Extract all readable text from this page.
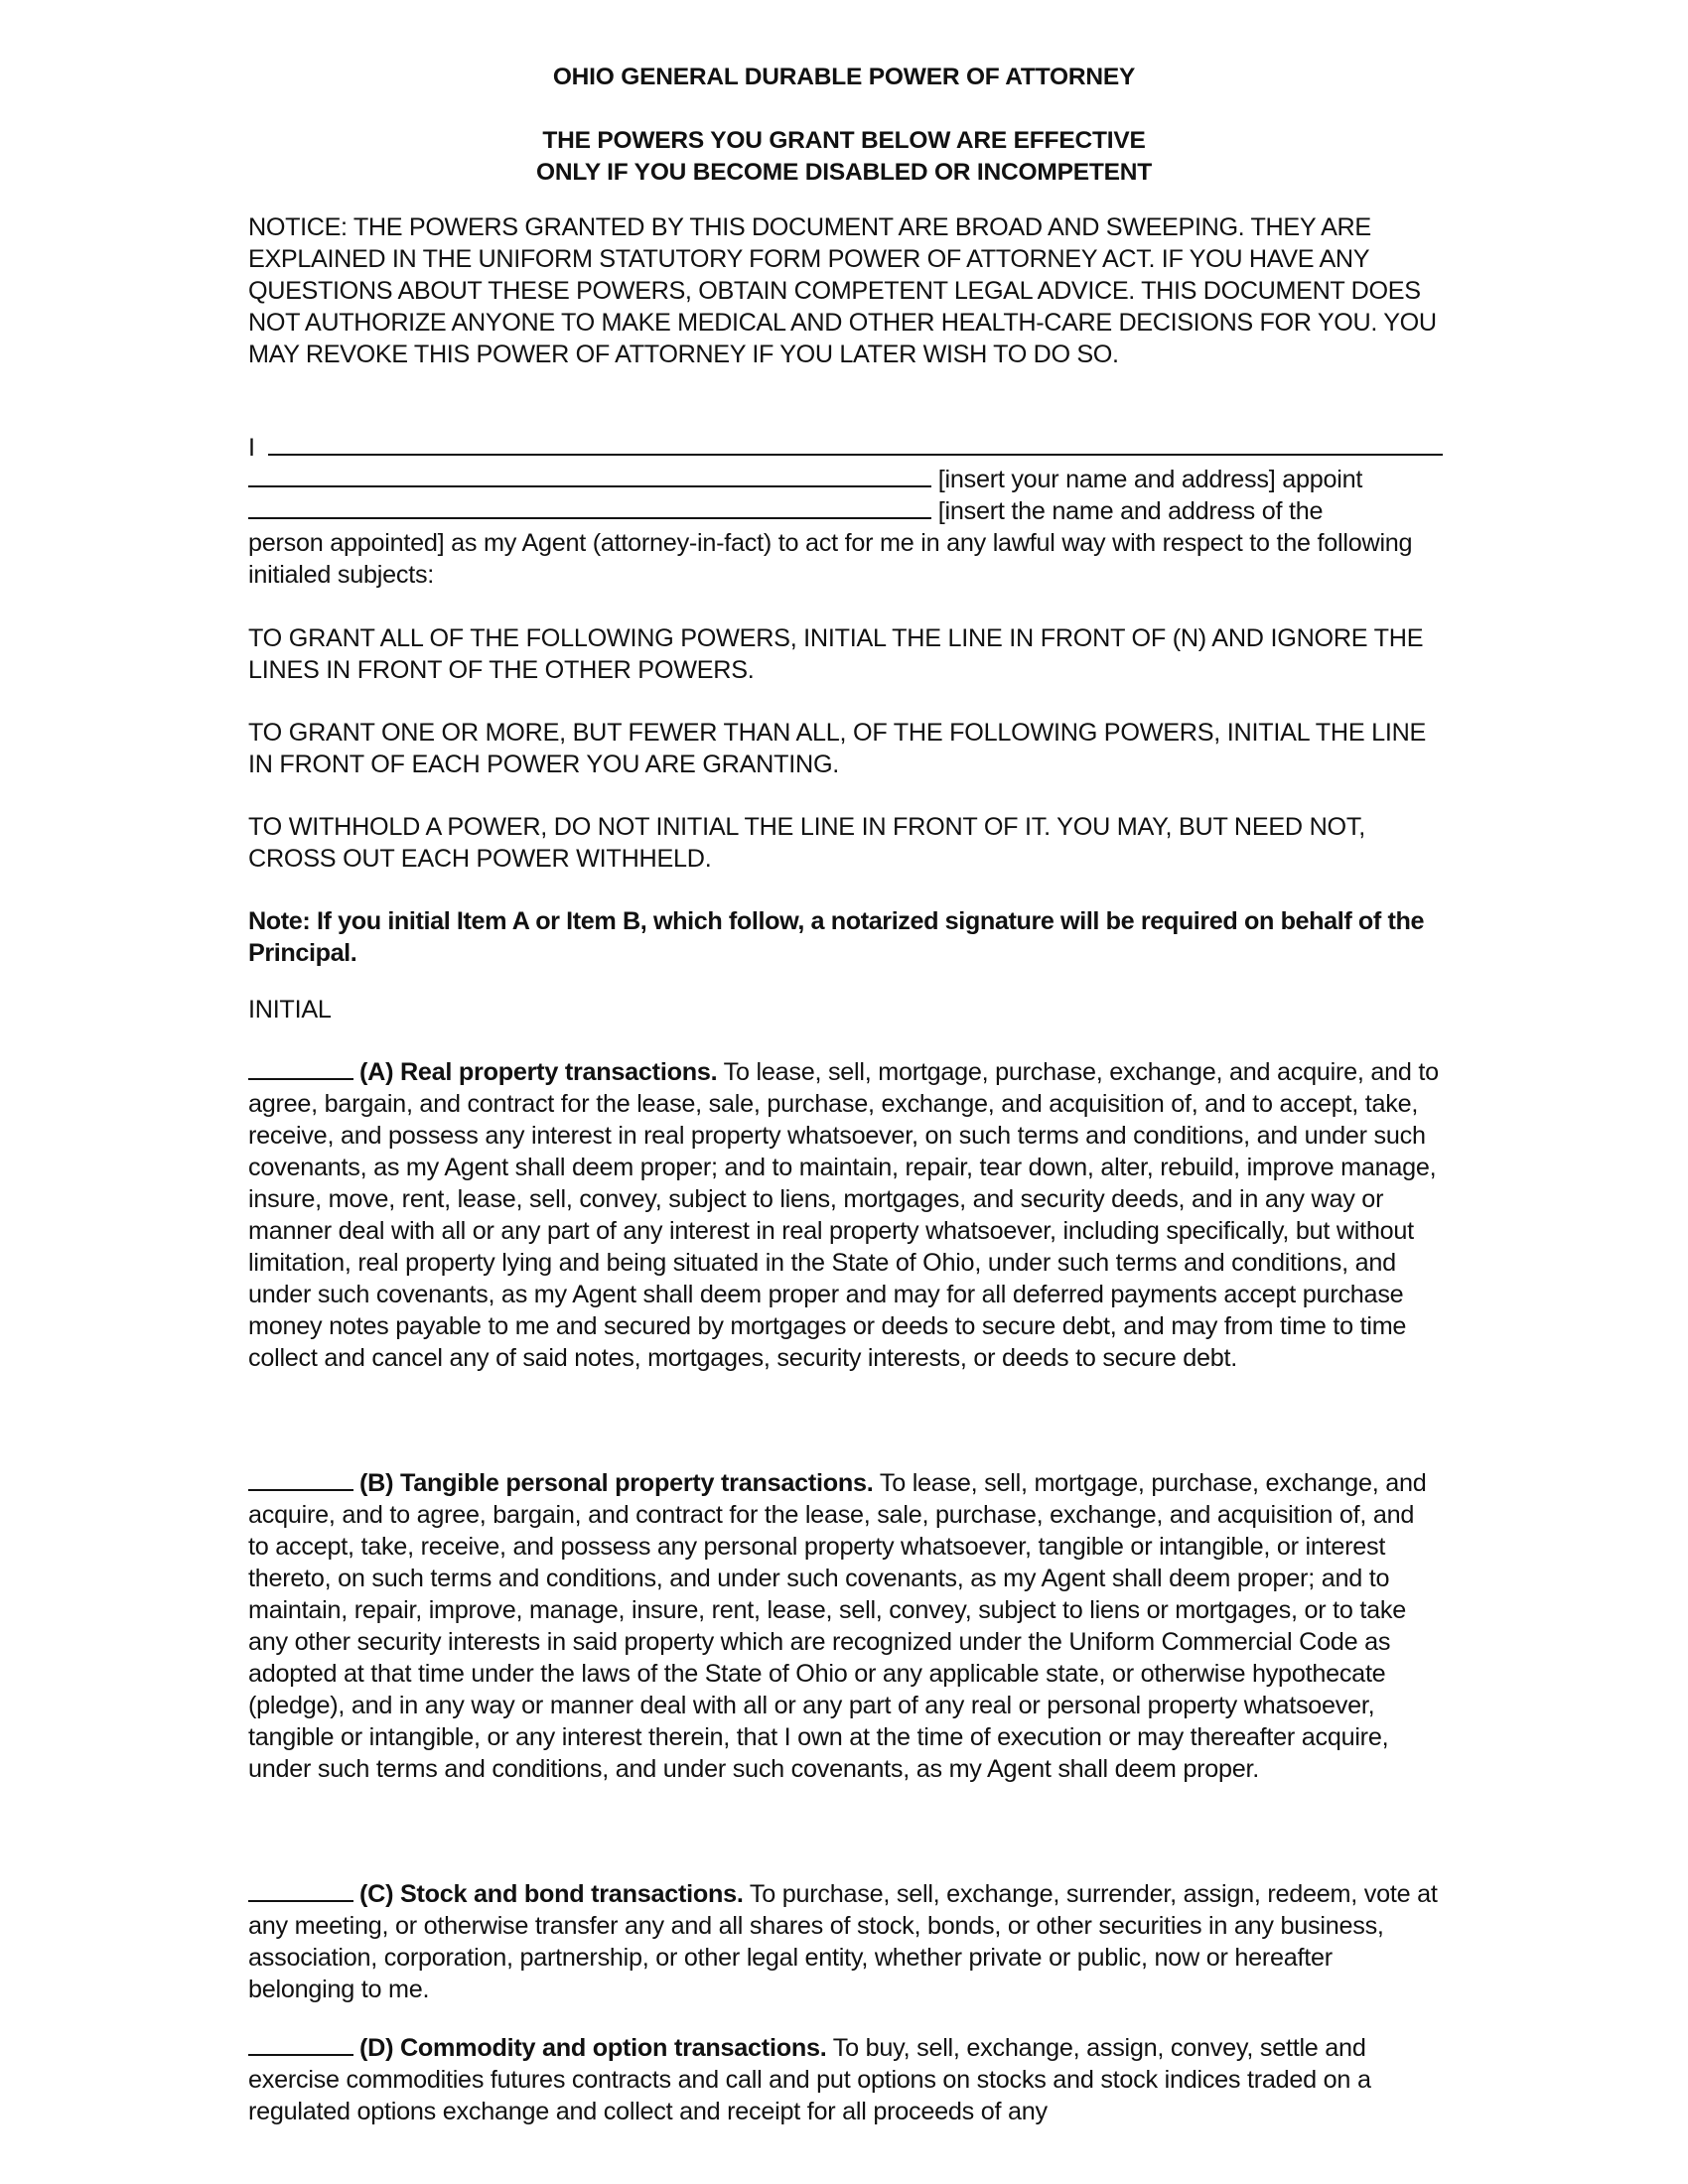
OHIO GENERAL DURABLE POWER OF ATTORNEY
THE POWERS YOU GRANT BELOW ARE EFFECTIVE
ONLY IF YOU BECOME DISABLED OR INCOMPETENT

NOTICE: THE POWERS GRANTED BY THIS DOCUMENT ARE BROAD AND SWEEPING. THEY ARE EXPLAINED IN THE UNIFORM STATUTORY FORM POWER OF ATTORNEY ACT. IF YOU HAVE ANY QUESTIONS ABOUT THESE POWERS, OBTAIN COMPETENT LEGAL ADVICE. THIS DOCUMENT DOES NOT AUTHORIZE ANYONE TO MAKE MEDICAL AND OTHER HEALTH-CARE DECISIONS FOR YOU. YOU MAY REVOKE THIS POWER OF ATTORNEY IF YOU LATER WISH TO DO SO.

I
[insert your name and address] appoint
[insert the name and address of the

person appointed] as my Agent (attorney-in-fact) to act for me in any lawful way with respect to the following initialed subjects:

TO GRANT ALL OF THE FOLLOWING POWERS, INITIAL THE LINE IN FRONT OF (N) AND IGNORE THE LINES IN FRONT OF THE OTHER POWERS.

TO GRANT ONE OR MORE, BUT FEWER THAN ALL, OF THE FOLLOWING POWERS, INITIAL THE LINE IN FRONT OF EACH POWER YOU ARE GRANTING.

TO WITHHOLD A POWER, DO NOT INITIAL THE LINE IN FRONT OF IT. YOU MAY, BUT NEED NOT, CROSS OUT EACH POWER WITHHELD.

Note: If you initial Item A or Item B, which follow, a notarized signature will be required on behalf of the Principal.

INITIAL

(A) Real property transactions. To lease, sell, mortgage, purchase, exchange, and acquire, and to agree, bargain, and contract for the lease, sale, purchase, exchange, and acquisition of, and to accept, take, receive, and possess any interest in real property whatsoever, on such terms and conditions, and under such covenants, as my Agent shall deem proper; and to maintain, repair, tear down, alter, rebuild, improve manage, insure, move, rent, lease, sell, convey, subject to liens, mortgages, and security deeds, and in any way or manner deal with all or any part of any interest in real property whatsoever, including specifically, but without limitation, real property lying and being situated in the State of Ohio, under such terms and conditions, and under such covenants, as my Agent shall deem proper and may for all deferred payments accept purchase money notes payable to me and secured by mortgages or deeds to secure debt, and may from time to time collect and cancel any of said notes, mortgages, security interests, or deeds to secure debt.

(B) Tangible personal property transactions. To lease, sell, mortgage, purchase, exchange, and acquire, and to agree, bargain, and contract for the lease, sale, purchase, exchange, and acquisition of, and to accept, take, receive, and possess any personal property whatsoever, tangible or intangible, or interest thereto, on such terms and conditions, and under such covenants, as my Agent shall deem proper; and to maintain, repair, improve, manage, insure, rent, lease, sell, convey, subject to liens or mortgages, or to take any other security interests in said property which are recognized under the Uniform Commercial Code as adopted at that time under the laws of the State of Ohio or any applicable state, or otherwise hypothecate (pledge), and in any way or manner deal with all or any part of any real or personal property whatsoever, tangible or intangible, or any interest therein, that I own at the time of execution or may thereafter acquire, under such terms and conditions, and under such covenants, as my Agent shall deem proper.

(C) Stock and bond transactions. To purchase, sell, exchange, surrender, assign, redeem, vote at any meeting, or otherwise transfer any and all shares of stock, bonds, or other securities in any business, association, corporation, partnership, or other legal entity, whether private or public, now or hereafter belonging to me.

(D) Commodity and option transactions. To buy, sell, exchange, assign, convey, settle and exercise commodities futures contracts and call and put options on stocks and stock indices traded on a regulated options exchange and collect and receipt for all proceeds of any
